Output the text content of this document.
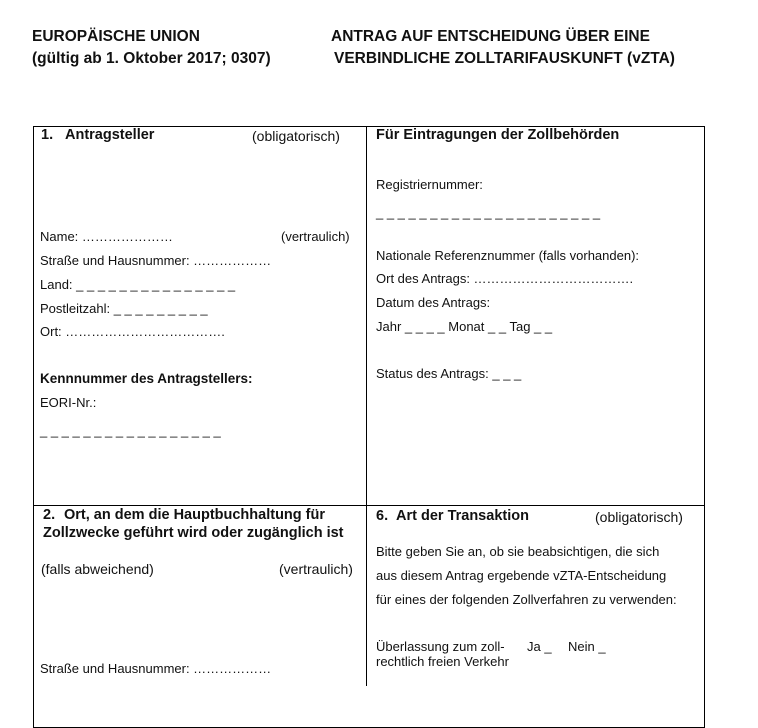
EUROPÄISCHE UNION
(gültig ab 1. Oktober 2017; 0307)
ANTRAG AUF ENTSCHEIDUNG ÜBER EINE
VERBINDLICHE ZOLLTARIFAUSKUNFT (vZTA)
1. Antragsteller	(obligatorisch)
Name: …………………	(vertraulich)
Straße und Hausnummer: ………………
Land: _ _ _ _ _ _ _ _ _ _ _ _ _ _ _
Postleitzahl: _ _ _ _ _ _ _ _ _
Ort: ……………………………….
Kennnummer des Antragstellers:
EORI-Nr.:
_ _ _ _ _ _ _ _ _ _ _ _ _ _ _ _ _
Für Eintragungen der Zollbehörden
Registriernummer:
_ _ _ _ _ _ _ _ _ _ _ _ _ _ _ _ _ _ _ _ _
Nationale Referenznummer (falls vorhanden):
Ort des Antrags: ……………………………….
Datum des Antrags:
Jahr _ _ _ _ Monat _ _ Tag _ _
Status des Antrags: _ _ _
2. Ort, an dem die Hauptbuchhaltung für
Zollzwecke geführt wird oder zugänglich ist
(falls abweichend)	(vertraulich)
Straße und Hausnummer: ………………
6. Art der Transaktion	(obligatorisch)
Bitte geben Sie an, ob sie beabsichtigen, die sich
aus diesem Antrag ergebende vZTA-Entscheidung
für eines der folgenden Zollverfahren zu verwenden:
Überlassung zum zoll-
rechtlich freien Verkehr
Ja _ Nein _
